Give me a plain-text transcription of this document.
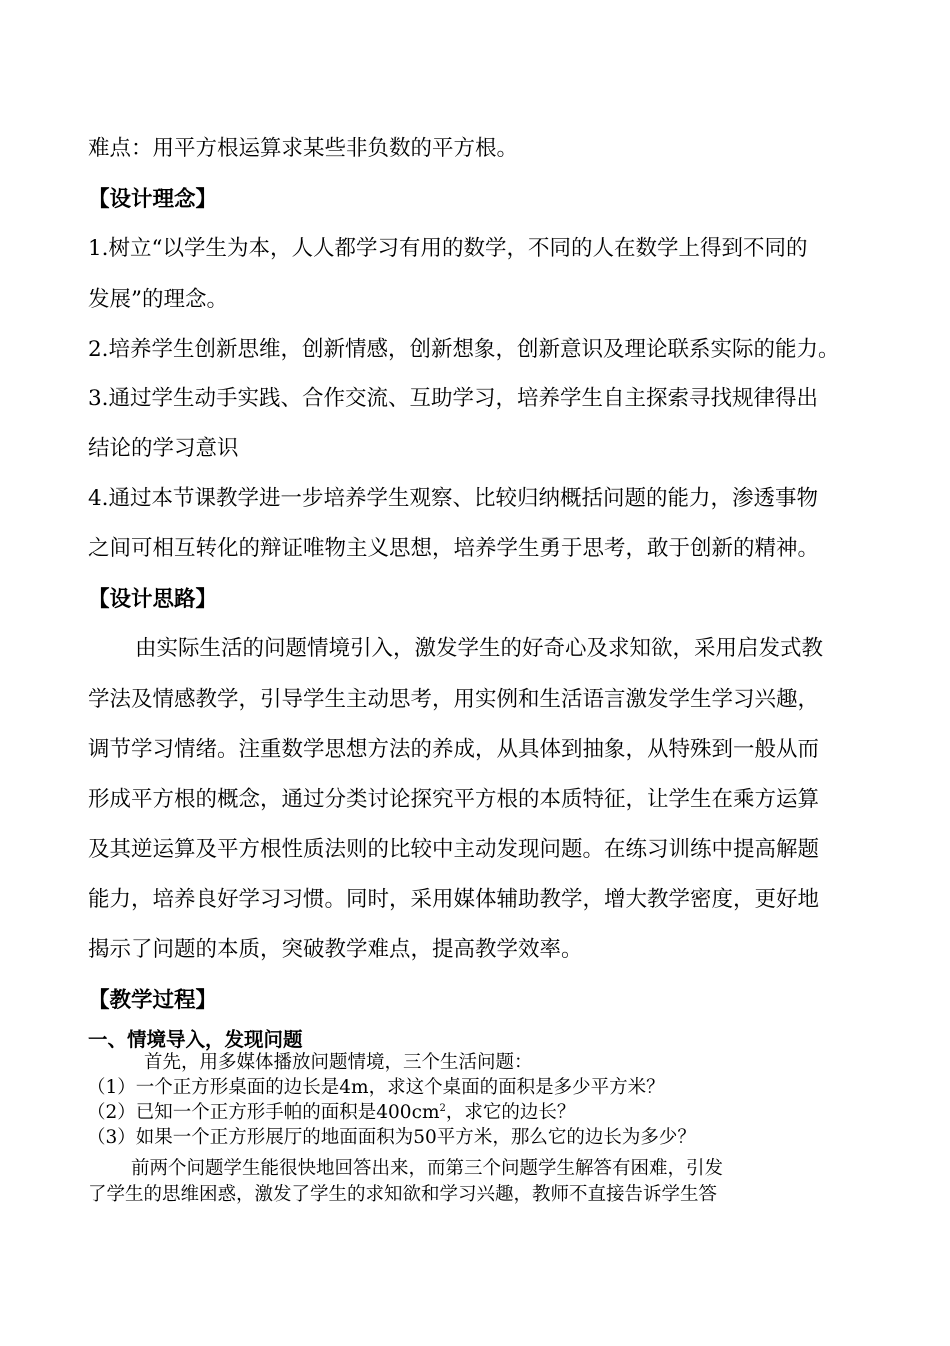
难点：用平方根运算求某些非负数的平方根。
【设计理念】
1.树立“以学生为本，人人都学习有用的数学，不同的人在数学上得到不同的
发展”的理念。
2.培养学生创新思维，创新情感，创新想象，创新意识及理论联系实际的能力。
3.通过学生动手实践、合作交流、互助学习，培养学生自主探索寻找规律得出
结论的学习意识
4.通过本节课教学进一步培养学生观察、比较归纳概括问题的能力，渗透事物
之间可相互转化的辩证唯物主义思想，培养学生勇于思考，敢于创新的精神。
【设计思路】
由实际生活的问题情境引入，激发学生的好奇心及求知欲，采用启发式教
学法及情感教学，引导学生主动思考，用实例和生活语言激发学生学习兴趣，
调节学习情绪。注重数学思想方法的养成，从具体到抽象，从特殊到一般从而
形成平方根的概念，通过分类讨论探究平方根的本质特征，让学生在乘方运算
及其逆运算及平方根性质法则的比较中主动发现问题。在练习训练中提高解题
能力，培养良好学习习惯。同时，采用媒体辅助教学，增大教学密度，更好地
揭示了问题的本质，突破教学难点，提高教学效率。
【教学过程】
一、情境导入，发现问题
首先，用多媒体播放问题情境，三个生活问题：
（1）一个正方形桌面的边长是4m，求这个桌面的面积是多少平方米？
（2）已知一个正方形手帕的面积是$400cm^2$，求它的边长？
（3）如果一个正方形展厅的地面面积为50平方米，那么它的边长为多少？
前两个问题学生能很快地回答出来，而第三个问题学生解答有困难，引发
了学生的思维困惑，激发了学生的求知欲和学习兴趣，教师不直接告诉学生答
